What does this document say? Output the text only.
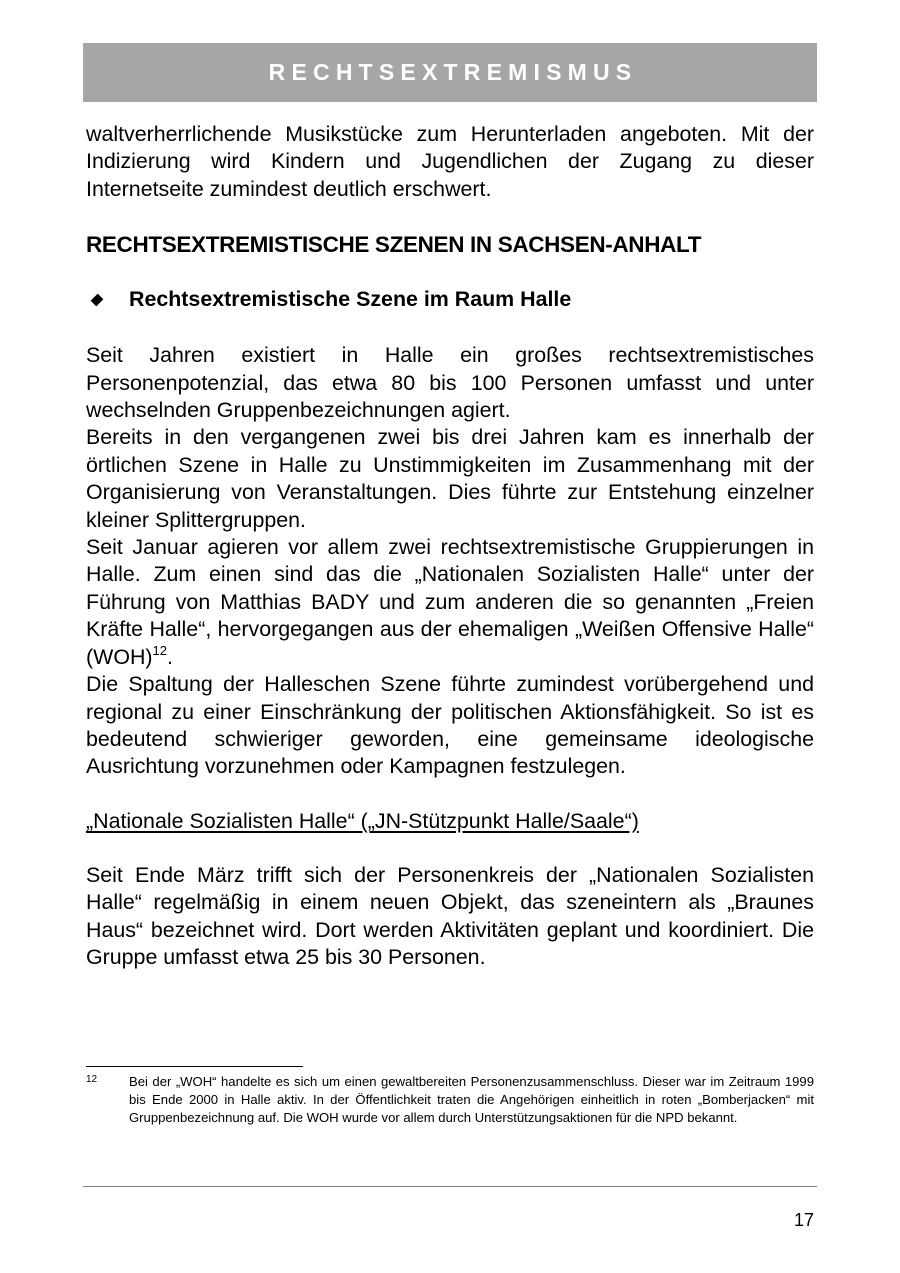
RECHTSEXTREMISMUS

waltverherrlichende Musikstücke zum Herunterladen angeboten. Mit der Indizierung wird Kindern und Jugendlichen der Zugang zu dieser Internetseite zumindest deutlich erschwert.

RECHTSEXTREMISTISCHE SZENEN IN SACHSEN-ANHALT
Rechtsextremistische Szene im Raum Halle

Seit Jahren existiert in Halle ein großes rechtsextremistisches Personenpotenzial, das etwa 80 bis 100 Personen umfasst und unter wechselnden Gruppenbezeichnungen agiert.

Bereits in den vergangenen zwei bis drei Jahren kam es innerhalb der örtlichen Szene in Halle zu Unstimmigkeiten im Zusammenhang mit der Organisierung von Veranstaltungen. Dies führte zur Entstehung einzelner kleiner Splittergruppen.

Seit Januar agieren vor allem zwei rechtsextremistische Gruppierungen in Halle. Zum einen sind das die „Nationalen Sozialisten Halle“ unter der Führung von Matthias BADY und zum anderen die so genannten „Freien Kräfte Halle“, hervorgegangen aus der ehemaligen „Weißen Offensive Halle“ (WOH)$^{12}$.

Die Spaltung der Halleschen Szene führte zumindest vorübergehend und regional zu einer Einschränkung der politischen Aktionsfähigkeit. So ist es bedeutend schwieriger geworden, eine gemeinsame ideologische Ausrichtung vorzunehmen oder Kampagnen festzulegen.

„Nationale Sozialisten Halle“ („JN-Stützpunkt Halle/Saale“)

Seit Ende März trifft sich der Personenkreis der „Nationalen Sozialisten Halle“ regelmäßig in einem neuen Objekt, das szeneintern als „Braunes Haus“ bezeichnet wird. Dort werden Aktivitäten geplant und koordiniert. Die Gruppe umfasst etwa 25 bis 30 Personen.

12	Bei der „WOH“ handelte es sich um einen gewaltbereiten Personenzusammenschluss. Dieser war im Zeitraum 1999 bis Ende 2000 in Halle aktiv. In der Öffentlichkeit traten die Angehörigen einheitlich in roten „Bomberjacken“ mit Gruppenbezeichnung auf. Die WOH wurde vor allem durch Unterstützungsaktionen für die NPD bekannt.
17
